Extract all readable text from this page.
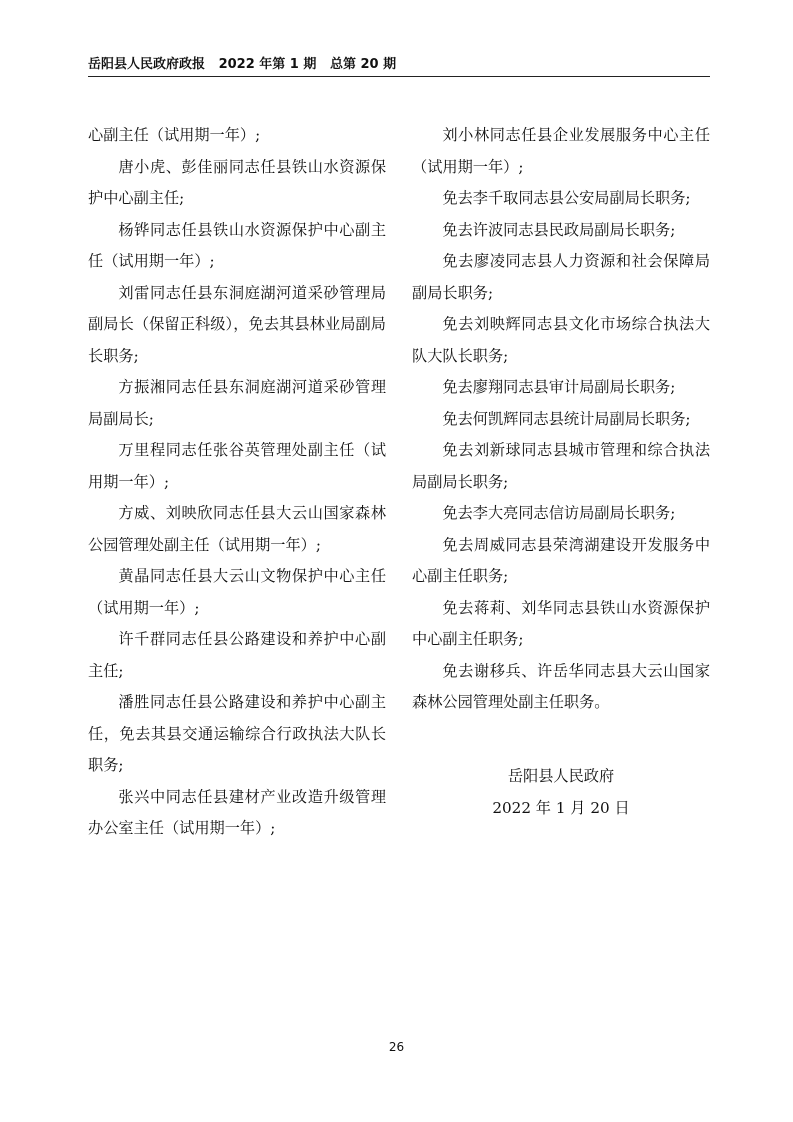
岳阳县人民政府政报   2022 年第 1 期   总第 20 期

心副主任（试用期一年）;

唐小虎、彭佳丽同志任县铁山水资源保护中心副主任;

杨铧同志任县铁山水资源保护中心副主任（试用期一年）;

刘雷同志任县东洞庭湖河道采砂管理局副局长（保留正科级），免去其县林业局副局长职务;

方振湘同志任县东洞庭湖河道采砂管理局副局长;

万里程同志任张谷英管理处副主任（试用期一年）;

方威、刘映欣同志任县大云山国家森林公园管理处副主任（试用期一年）;

黄晶同志任县大云山文物保护中心主任（试用期一年）;

许千群同志任县公路建设和养护中心副主任;

潘胜同志任县公路建设和养护中心副主任，免去其县交通运输综合行政执法大队长职务;

张兴中同志任县建材产业改造升级管理办公室主任（试用期一年）;

刘小林同志任县企业发展服务中心主任（试用期一年）;

免去李千取同志县公安局副局长职务;

免去许波同志县民政局副局长职务;

免去廖凌同志县人力资源和社会保障局副局长职务;

免去刘映辉同志县文化市场综合执法大队大队长职务;

免去廖翔同志县审计局副局长职务;

免去何凯辉同志县统计局副局长职务;

免去刘新球同志县城市管理和综合执法局副局长职务;

免去李大亮同志信访局副局长职务;

免去周威同志县荣湾湖建设开发服务中心副主任职务;

免去蒋莉、刘华同志县铁山水资源保护中心副主任职务;

免去谢移兵、许岳华同志县大云山国家森林公园管理处副主任职务。

岳阳县人民政府
2022 年 1 月 20 日
26
